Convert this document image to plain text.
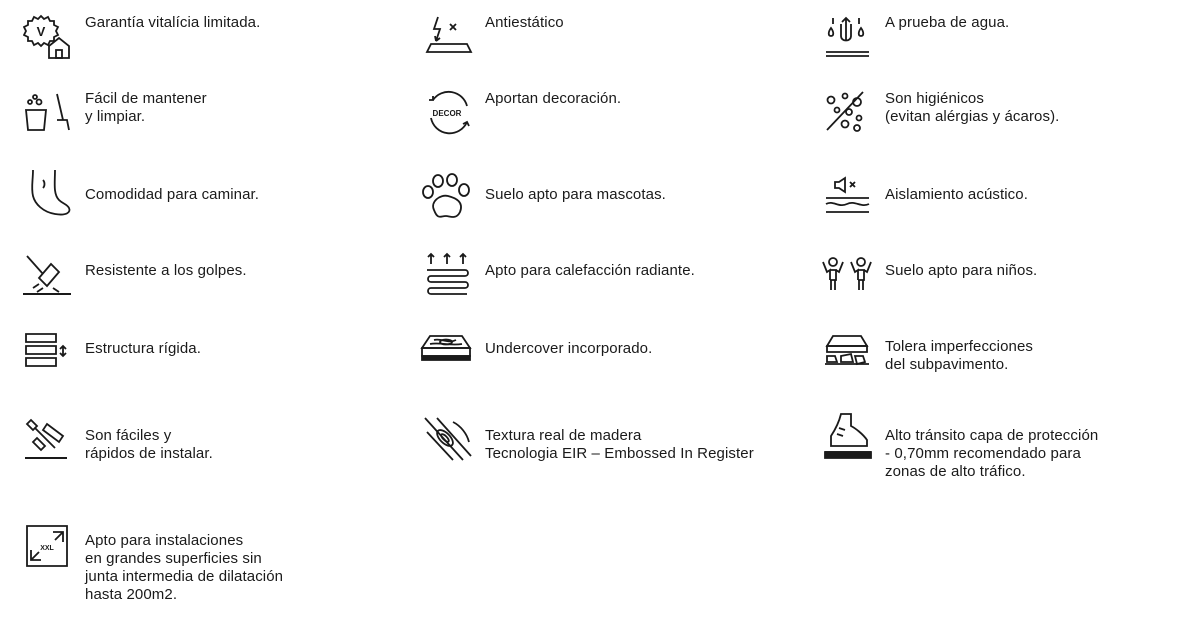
V
Garantía vitalícia limitada.	Antiestático	A prueba de agua.
Fácil de mantener
y limpiar.	DECOR
Aportan decoración.	Son higiénicos
(evitan alérgias y ácaros).
Comodidad para caminar.	Suelo apto para mascotas.	Aislamiento acústico.
Resistente a los golpes.	Apto para calefacción radiante.	Suelo apto para niños.
Estructura rígida.	Undercover incorporado.	Tolera imperfecciones
del subpavimento.
Son fáciles y
rápidos de instalar.
Textura real de madera
Tecnologia EIR – Embossed In Register
Alto tránsito capa de protección
- 0,70mm recomendado para
zonas de alto tráfico.
XXL Apto para instalaciones
en grandes superficies sin
junta intermedia de dilatación
hasta 200m2.
